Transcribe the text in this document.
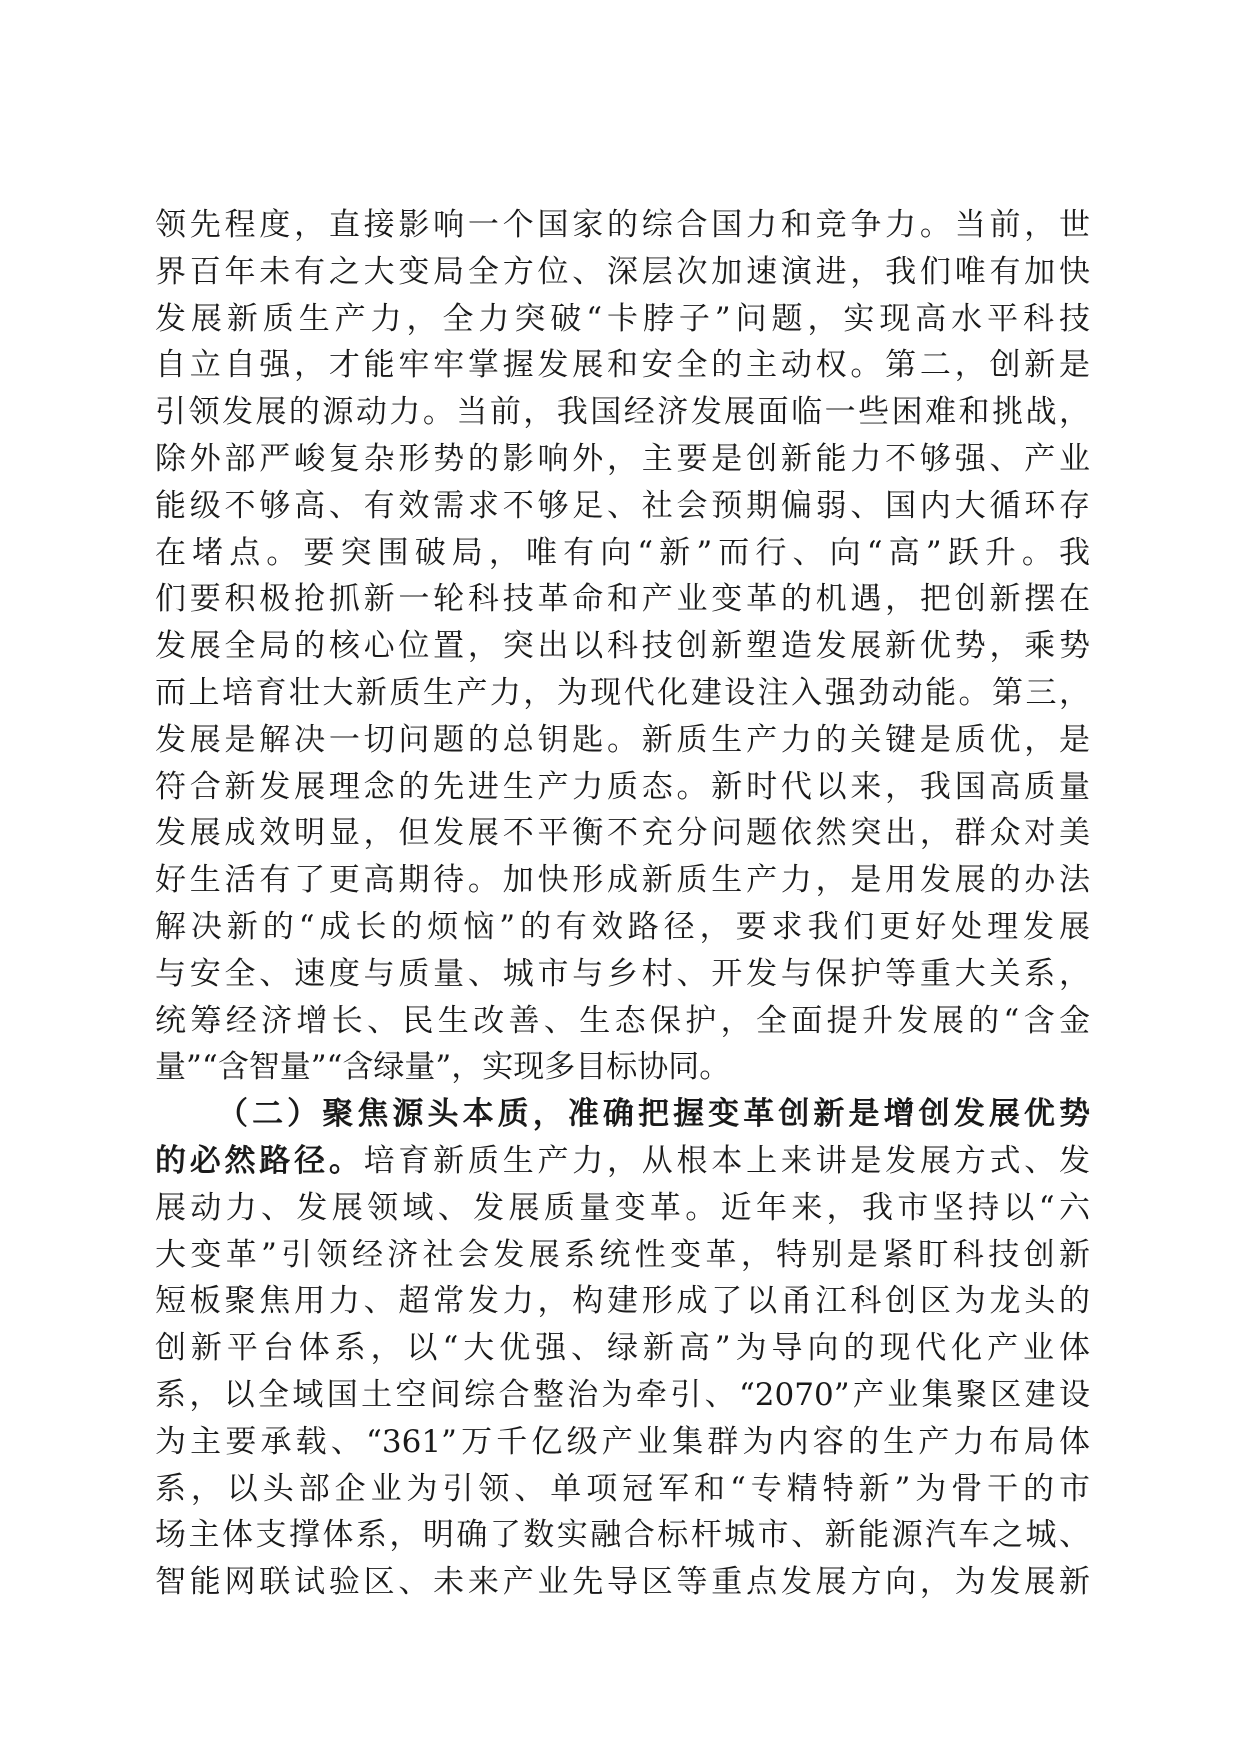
领先程度，直接影响一个国家的综合国力和竞争力。当前，世
界百年未有之大变局全方位、深层次加速演进，我们唯有加快
发展新质生产力，全力突破“卡脖子”问题，实现高水平科技
自立自强，才能牢牢掌握发展和安全的主动权。第二，创新是
引领发展的源动力。当前，我国经济发展面临一些困难和挑战，
除外部严峻复杂形势的影响外，主要是创新能力不够强、产业
能级不够高、有效需求不够足、社会预期偏弱、国内大循环存
在堵点。要突围破局，唯有向“新”而行、向“高”跃升。我
们要积极抢抓新一轮科技革命和产业变革的机遇，把创新摆在
发展全局的核心位置，突出以科技创新塑造发展新优势，乘势
而上培育壮大新质生产力，为现代化建设注入强劲动能。第三，
发展是解决一切问题的总钥匙。新质生产力的关键是质优，是
符合新发展理念的先进生产力质态。新时代以来，我国高质量
发展成效明显，但发展不平衡不充分问题依然突出，群众对美
好生活有了更高期待。加快形成新质生产力，是用发展的办法
解决新的“成长的烦恼”的有效路径，要求我们更好处理发展
与安全、速度与质量、城市与乡村、开发与保护等重大关系，
统筹经济增长、民生改善、生态保护，全面提升发展的“含金
量”“含智量”“含绿量”，实现多目标协同。
（二）聚焦源头本质，准确把握变革创新是增创发展优势
的必然路径。培育新质生产力，从根本上来讲是发展方式、发
展动力、发展领域、发展质量变革。近年来，我市坚持以“六
大变革”引领经济社会发展系统性变革，特别是紧盯科技创新
短板聚焦用力、超常发力，构建形成了以甬江科创区为龙头的
创新平台体系，以“大优强、绿新高”为导向的现代化产业体
系，以全域国土空间综合整治为牵引、“2070”产业集聚区建设
为主要承载、“361”万千亿级产业集群为内容的生产力布局体
系，以头部企业为引领、单项冠军和“专精特新”为骨干的市
场主体支撑体系，明确了数实融合标杆城市、新能源汽车之城、
智能网联试验区、未来产业先导区等重点发展方向，为发展新
